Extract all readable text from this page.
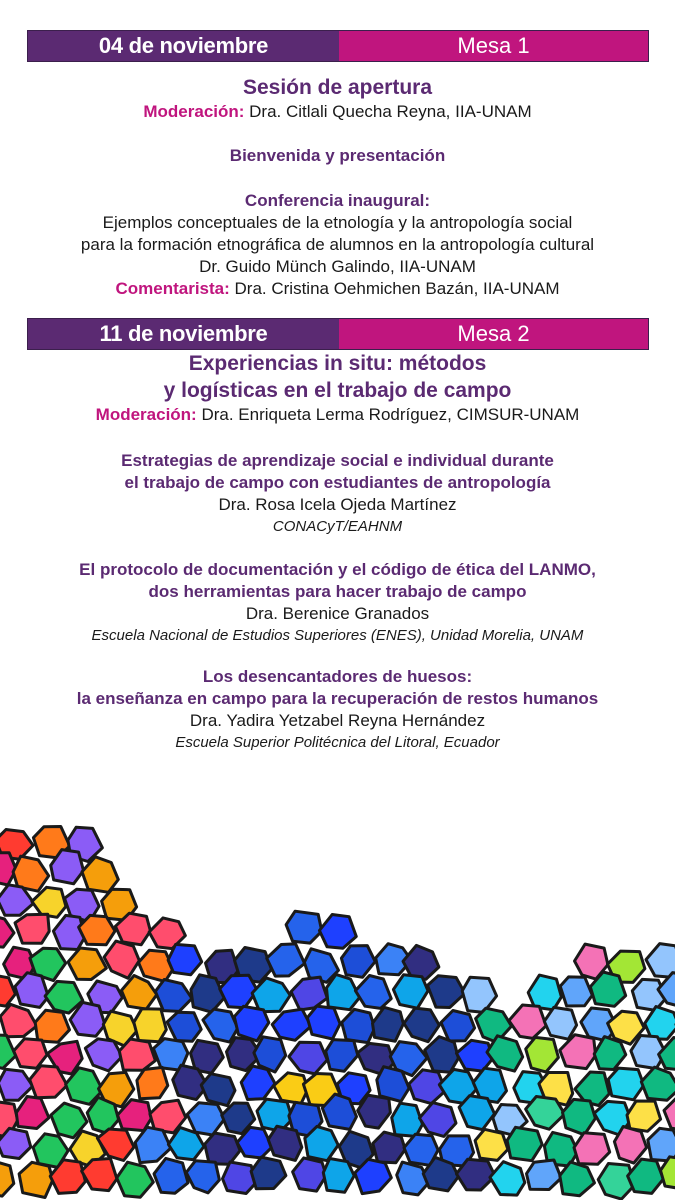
04 de noviembre	Mesa 1
Sesión de apertura
Moderación: Dra. Citlali Quecha Reyna, IIA-UNAM
Bienvenida y presentación
Conferencia inaugural:
Ejemplos conceptuales de la etnología y la antropología social
para la formación etnográfica de alumnos en la antropología cultural
Dr. Guido Münch Galindo, IIA-UNAM
Comentarista: Dra. Cristina Oehmichen Bazán, IIA-UNAM
11 de noviembre	Mesa 2
Experiencias in situ: métodos
y logísticas en el trabajo de campo
Moderación: Dra. Enriqueta Lerma Rodríguez, CIMSUR-UNAM
Estrategias de aprendizaje social e individual durante
el trabajo de campo con estudiantes de antropología
Dra. Rosa Icela Ojeda Martínez
CONACyT/EAHNM
El protocolo de documentación y el código de ética del LANMO,
dos herramientas para hacer trabajo de campo
Dra. Berenice Granados
Escuela Nacional de Estudios Superiores (ENES), Unidad Morelia, UNAM
Los desencantadores de huesos:
la enseñanza en campo para la recuperación de restos humanos
Dra. Yadira Yetzabel Reyna Hernández
Escuela Superior Politécnica del Litoral, Ecuador
